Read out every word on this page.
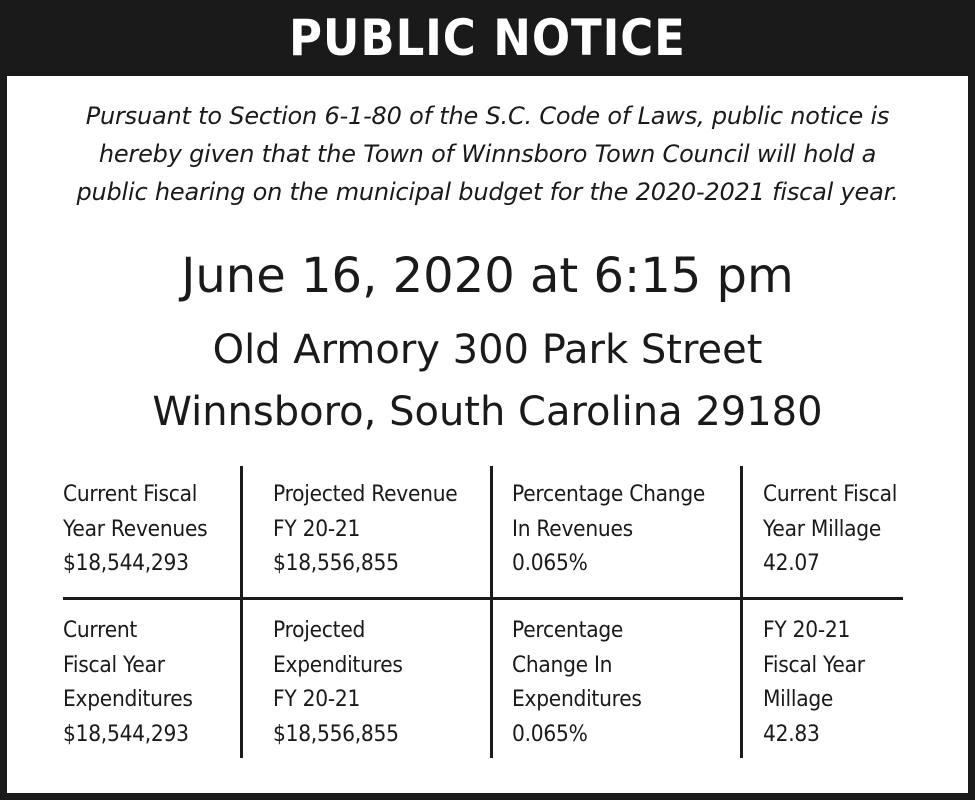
PUBLIC NOTICE
Pursuant to Section 6-1-80 of the S.C. Code of Laws, public notice is
hereby given that the Town of Winnsboro Town Council will hold a
public hearing on the municipal budget for the 2020-2021 fiscal year.
June 16, 2020 at 6:15 pm
Old Armory 300 Park Street
Winnsboro, South Carolina 29180
Current Fiscal
Year Revenues
$18,544,293
Projected Revenue
FY 20-21
$18,556,855
Percentage Change
In Revenues
0.065%
Current Fiscal
Year Millage
42.07
Current
Fiscal Year
Expenditures
$18,544,293
Projected
Expenditures
FY 20-21
$18,556,855
Percentage
Change In
Expenditures
0.065%
FY 20-21
Fiscal Year
Millage
42.83
